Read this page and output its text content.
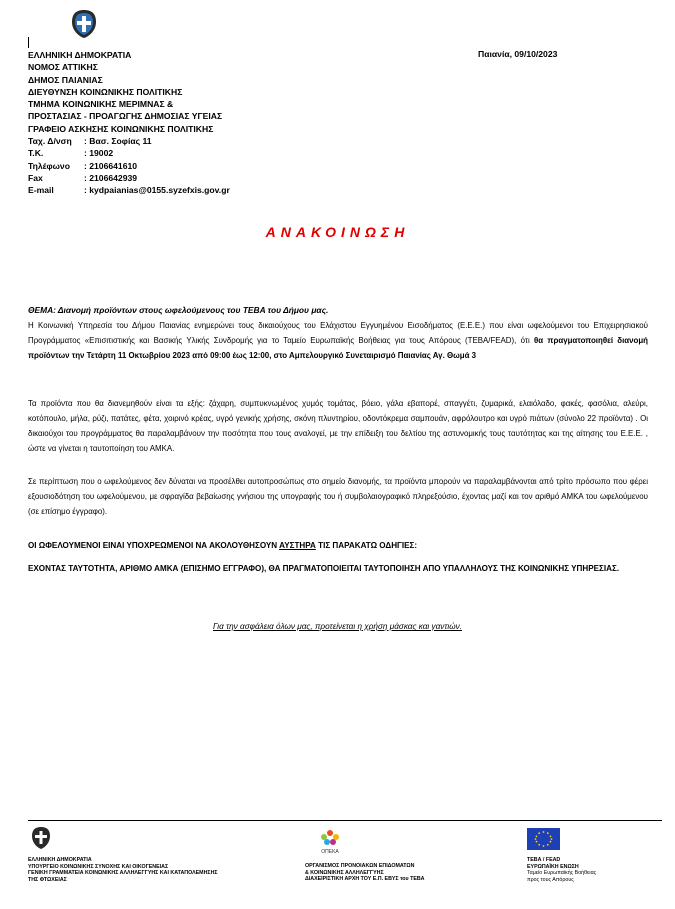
ΕΛΛΗΝΙΚΗ ΔΗΜΟΚΡΑΤΙΑ
ΝΟΜΟΣ ΑΤΤΙΚΗΣ
ΔΗΜΟΣ ΠΑΙΑΝΙΑΣ
ΔΙΕΥΘΥΝΣΗ ΚΟΙΝΩΝΙΚΗΣ ΠΟΛΙΤΙΚΗΣ
ΤΜΗΜΑ ΚΟΙΝΩΝΙΚΗΣ ΜΕΡΙΜΝΑΣ &
ΠΡΟΣΤΑΣΙΑΣ - ΠΡΟΑΓΩΓΗΣ ΔΗΜΟΣΙΑΣ ΥΓΕΙΑΣ
ΓΡΑΦΕΙΟ ΑΣΚΗΣΗΣ ΚΟΙΝΩΝΙΚΗΣ ΠΟΛΙΤΙΚΗΣ
Ταχ. Δ/νση : Βασ. Σοφίας 11
Τ.Κ.	: 19002
Τηλέφωνο : 2106641610
Fax	: 2106642939
E-mail	: kydpaianias@0155.syzefxis.gov.gr
Παιανία, 09/10/2023
ΑΝΑΚΟΙΝΩΣΗ
ΘΕΜΑ: Διανομή προϊόντων στους ωφελούμενους του ΤΕΒΑ του Δήμου μας.
Η Κοινωνική Υπηρεσία του Δήμου Παιανίας ενημερώνει τους δικαιούχους του Ελάχιστου Εγγυημένου Εισοδήματος (Ε.Ε.Ε.) που είναι ωφελούμενοι του Επιχειρησιακού Προγράμματος «Επισιτιστικής και Βασικής Υλικής Συνδρομής για το Ταμείο Ευρωπαϊκής Βοήθειας για τους Απόρους (ΤΕΒΑ/FEAD), ότι θα πραγματοποιηθεί διανομή προϊόντων την Τετάρτη 11 Οκτωβρίου 2023 από 09:00 έως 12:00, στο Αμπελουργικό Συνεταιρισμό Παιανίας Αγ. Θωμά 3
Τα προϊόντα που θα διανεμηθούν είναι τα εξής: ζάχαρη, συμπυκνωμένος χυμός τομάτας, βόειο, γάλα εβαπορέ, σπαγγέτι, ζυμαρικά, ελαιόλαδο, φακές, φασόλια, αλεύρι, κοτόπουλο, μήλα, ρύζι, πατάτες, φέτα, χοιρινό κρέας, υγρό γενικής χρήσης, σκόνη πλυντηρίου, οδοντόκρεμα σαμπουάν, αφρόλουτρο και υγρό πιάτων (σύνολο 22 προϊόντα) . Οι δικαιούχοι του προγράμματος θα παραλαμβάνουν την ποσότητα που τους αναλογεί, με την επίδειξη του δελτίου της αστυνομικής τους ταυτότητας και της αίτησης του Ε.Ε.Ε. , ώστε να γίνεται η ταυτοποίηση του ΑΜΚΑ.
Σε περίπτωση που ο ωφελούμενος δεν δύναται να προσέλθει αυτοπροσώπως στο σημείο διανομής, τα προϊόντα μπορούν να παραλαμβάνονται από τρίτο πρόσωπο που φέρει εξουσιοδότηση του ωφελούμενου, με σφραγίδα βεβαίωσης γνήσιου της υπογραφής του ή συμβολαιογραφικό πληρεξούσιο, έχοντας μαζί και τον αριθμό ΑΜΚΑ του ωφελούμενου (σε επίσημο έγγραφο).
ΟΙ ΩΦΕΛΟΥΜΕΝΟΙ ΕΙΝΑΙ ΥΠΟΧΡΕΩΜΕΝΟΙ ΝΑ ΑΚΟΛΟΥΘΗΣΟΥΝ ΑΥΣΤΗΡΑ ΤΙΣ ΠΑΡΑΚΑΤΩ ΟΔΗΓΙΕΣ:
ΕΧΟΝΤΑΣ ΤΑΥΤΟΤΗΤΑ, ΑΡΙΘΜΟ ΑΜΚΑ (ΕΠΙΣΗΜΟ ΕΓΓΡΑΦΟ), ΘΑ ΠΡΑΓΜΑΤΟΠΟΙΕΙΤΑΙ ΤΑΥΤΟΠΟΙΗΣΗ ΑΠΟ ΥΠΑΛΛΗΛΟΥΣ ΤΗΣ ΚΟΙΝΩΝΙΚΗΣ ΥΠΗΡΕΣΙΑΣ.
Για την ασφάλεια όλων μας, προτείνεται η χρήση μάσκας και γαντιών.
ΕΛΛΗΝΙΚΗ ΔΗΜΟΚΡΑΤΙΑ
ΥΠΟΥΡΓΕΙΟ ΚΟΙΝΩΝΙΚΗΣ ΣΥΝΟΧΗΣ ΚΑΙ ΟΙΚΟΓΕΝΕΙΑΣ
ΓΕΝΙΚΗ ΓΡΑΜΜΑΤΕΙΑ ΚΟΙΝΩΝΙΚΗΣ ΑΛΛΗΛΕΓΓΥΗΣ ΚΑΙ ΚΑΤΑΠΟΛΕΜΗΣΗΣ
ΤΗΣ ΦΤΩΧΕΙΑΣ
ΟΠΕΚΑ
ΟΡΓΑΝΙΣΜΟΣ ΠΡΟΝΟΙΑΚΩΝ ΕΠΙΔΟΜΑΤΩΝ
& ΚΟΙΝΩΝΙΚΗΣ ΑΛΛΗΛΕΓΓΥΗΣ
ΔΙΑΧΕΙΡΙΣΤΙΚΗ ΑΡΧΗ ΤΟΥ Ε.Π. ΕΒΥΣ του ΤΕΒΑ
ΤΕΒΑ / FEAD
ΕΥΡΩΠΑΪΚΗ ΕΝΩΣΗ
Ταμείο Ευρωπαϊκής Βοήθειας
προς τους Απόρους
